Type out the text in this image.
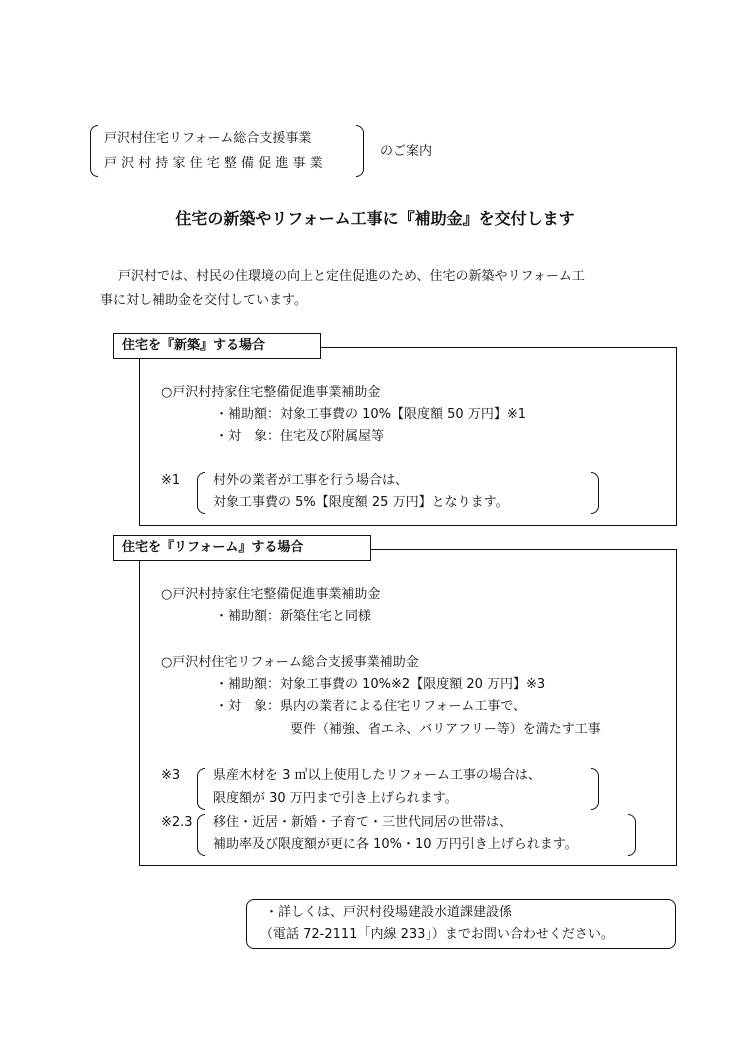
戸沢村住宅リフォーム総合支援事業
戸 沢 村 持 家 住 宅 整 備 促 進 事 業
のご案内
住宅の新築やリフォーム工事に『補助金』を交付します
戸沢村では、村民の住環境の向上と定住促進のため、住宅の新築やリフォーム工
事に対し補助金を交付しています。
住宅を『新築』する場合
○戸沢村持家住宅整備促進事業補助金
・補助額：対象工事費の 10%【限度額 50 万円】※1
・対　象：住宅及び附属屋等
※1	村外の業者が工事を行う場合は、
対象工事費の 5%【限度額 25 万円】となります。
住宅を『リフォーム』する場合
○戸沢村持家住宅整備促進事業補助金
・補助額：新築住宅と同様
○戸沢村住宅リフォーム総合支援事業補助金
・補助額：対象工事費の 10%※2【限度額 20 万円】※3
・対　象：県内の業者による住宅リフォーム工事で、
要件（補強、省エネ、バリアフリー等）を満たす工事
※3	県産木材を 3 ㎥以上使用したリフォーム工事の場合は、
限度額が 30 万円まで引き上げられます。
※2.3 移住・近居・新婚・子育て・三世代同居の世帯は、
補助率及び限度額が更に各 10%・10 万円引き上げられます。
・詳しくは、戸沢村役場建設水道課建設係
（電話 72-2111「内線 233」）までお問い合わせください。
